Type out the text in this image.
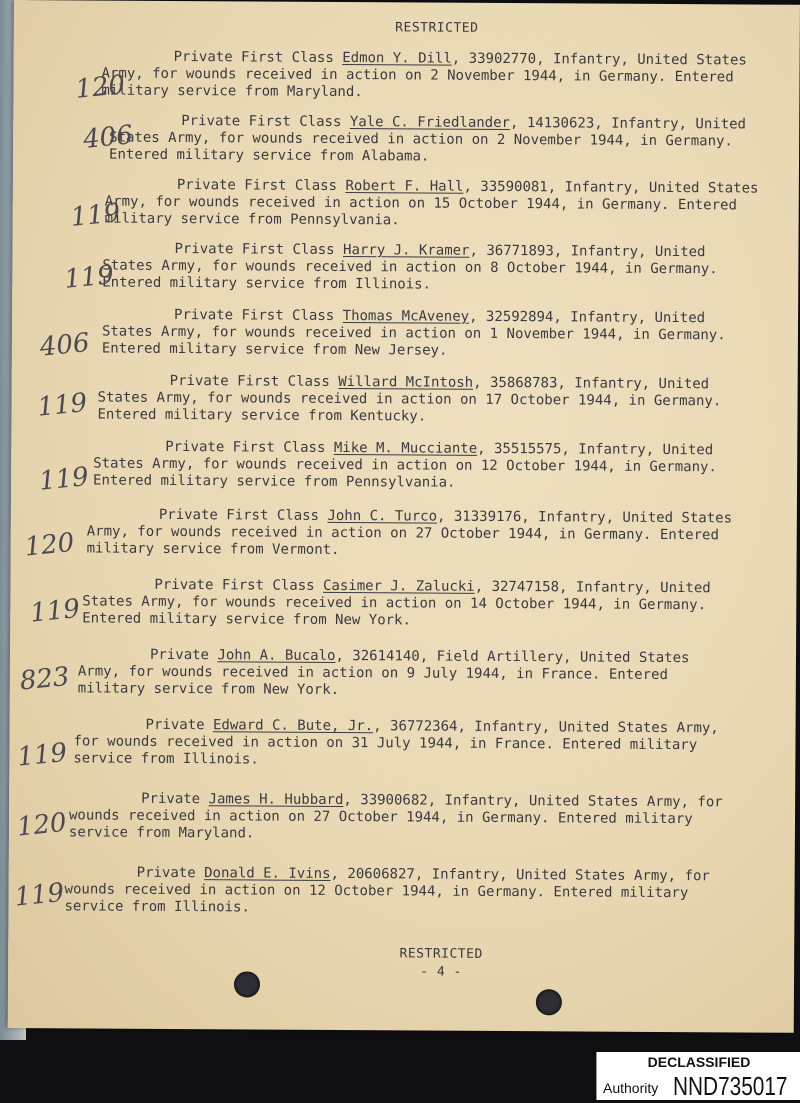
RESTRICTED
Private First Class Edmon Y. Dill, 33902770, Infantry, United States Army, for wounds received in action on 2 November 1944, in Germany. Entered military service from Maryland.
120
Private First Class Yale C. Friedlander, 14130623, Infantry, United States Army, for wounds received in action on 2 November 1944, in Germany. Entered military service from Alabama.
406
Private First Class Robert F. Hall, 33590081, Infantry, United States Army, for wounds received in action on 15 October 1944, in Germany. Entered military service from Pennsylvania.
119
Private First Class Harry J. Kramer, 36771893, Infantry, United States Army, for wounds received in action on 8 October 1944, in Germany. Entered military service from Illinois.
119
Private First Class Thomas McAveney, 32592894, Infantry, United States Army, for wounds received in action on 1 November 1944, in Germany. Entered military service from New Jersey.
406
Private First Class Willard McIntosh, 35868783, Infantry, United States Army, for wounds received in action on 17 October 1944, in Germany. Entered military service from Kentucky.
119
Private First Class Mike M. Mucciante, 35515575, Infantry, United States Army, for wounds received in action on 12 October 1944, in Germany. Entered military service from Pennsylvania.
119
Private First Class John C. Turco, 31339176, Infantry, United States Army, for wounds received in action on 27 October 1944, in Germany. Entered military service from Vermont.
120
Private First Class Casimer J. Zalucki, 32747158, Infantry, United States Army, for wounds received in action on 14 October 1944, in Germany. Entered military service from New York.
119
Private John A. Bucalo, 32614140, Field Artillery, United States Army, for wounds received in action on 9 July 1944, in France. Entered military service from New York.
823
Private Edward C. Bute, Jr., 36772364, Infantry, United States Army, for wounds received in action on 31 July 1944, in France. Entered military service from Illinois.
119
Private James H. Hubbard, 33900682, Infantry, United States Army, for wounds received in action on 27 October 1944, in Germany. Entered military service from Maryland.
120
Private Donald E. Ivins, 20606827, Infantry, United States Army, for wounds received in action on 12 October 1944, in Germany. Entered military service from Illinois.
119
RESTRICTED
- 4 -
DECLASSIFIED
Authority NND735017
